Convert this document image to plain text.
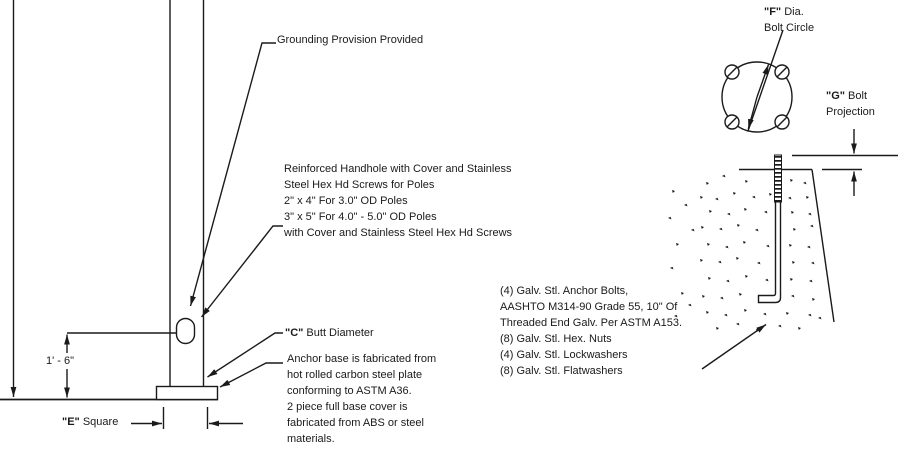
Grounding Provision Provided
Reinforced Handhole with Cover and Stainless
Steel Hex Hd Screws for Poles
2" x 4" For 3.0" OD Poles
3" x 5" For 4.0" - 5.0" OD Poles
with Cover and Stainless Steel Hex Hd Screws
"F" Dia.
Bolt Circle
"G" Bolt
Projection
(4) Galv. Stl. Anchor Bolts,
AASHTO M314-90 Grade 55, 10" Of
Threaded End Galv. Per ASTM A153.
(8) Galv. Stl. Hex. Nuts
(4) Galv. Stl. Lockwashers
(8) Galv. Stl. Flatwashers
"C" Butt Diameter
Anchor base is fabricated from
hot rolled carbon steel plate
conforming to ASTM A36.
2 piece full base cover is
fabricated from ABS or steel
materials.
1' - 6"
"E" Square
